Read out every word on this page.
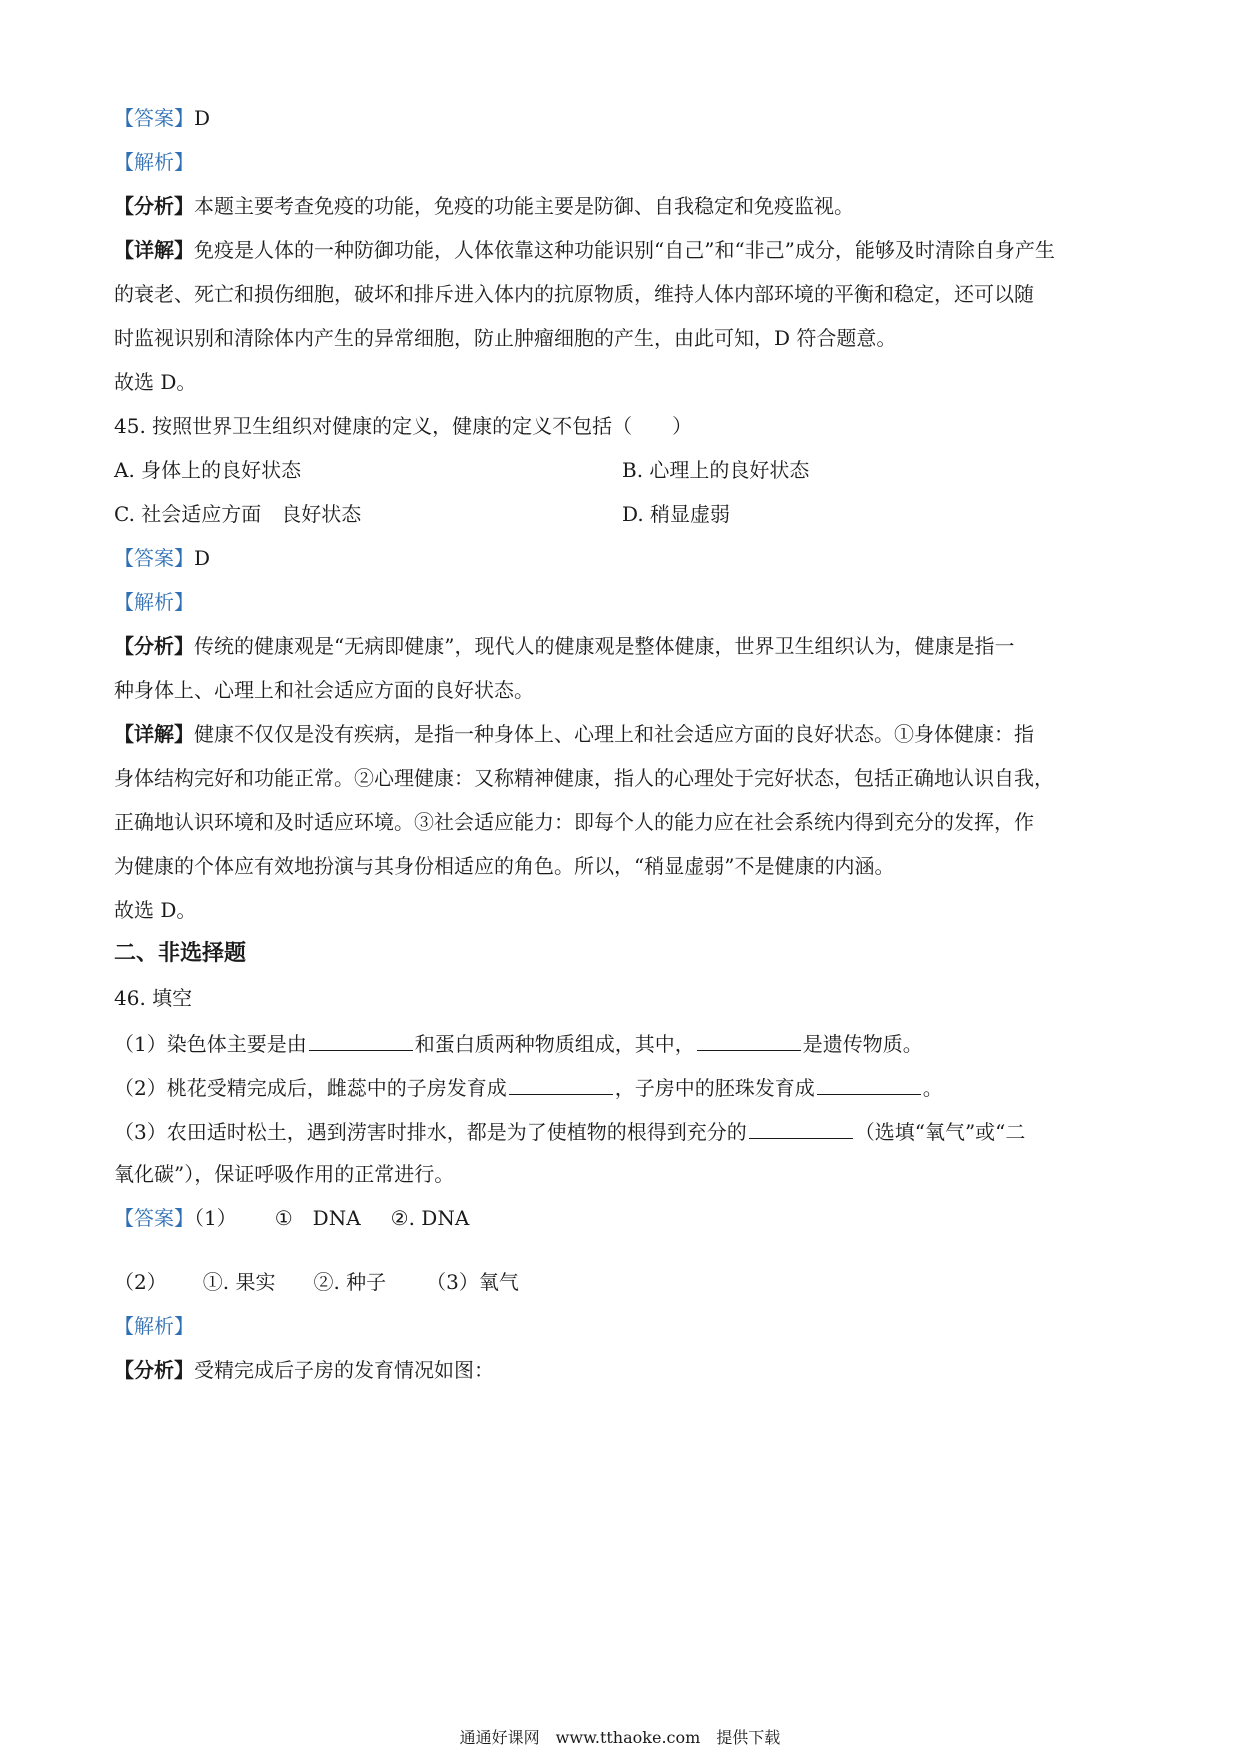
【答案】D
【解析】
【分析】本题主要考查免疫的功能，免疫的功能主要是防御、自我稳定和免疫监视。
【详解】免疫是人体的一种防御功能，人体依靠这种功能识别“自己”和“非己”成分，能够及时清除自身产生
的衰老、死亡和损伤细胞，破坏和排斥进入体内的抗原物质，维持人体内部环境的平衡和稳定，还可以随
时监视识别和清除体内产生的异常细胞，防止肿瘤细胞的产生，由此可知，D 符合题意。
故选 D。
45. 按照世界卫生组织对健康的定义，健康的定义不包括（　　）
A. 身体上的良好状态	B. 心理上的良好状态
C. 社会适应方面　良好状态	D. 稍显虚弱
【答案】D
【解析】
【分析】传统的健康观是“无病即健康”，现代人的健康观是整体健康，世界卫生组织认为，健康是指一
种身体上、心理上和社会适应方面的良好状态。
【详解】健康不仅仅是没有疾病，是指一种身体上、心理上和社会适应方面的良好状态。①身体健康：指
身体结构完好和功能正常。②心理健康：又称精神健康，指人的心理处于完好状态，包括正确地认识自我，
正确地认识环境和及时适应环境。③社会适应能力：即每个人的能力应在社会系统内得到充分的发挥，作
为健康的个体应有效地扮演与其身份相适应的角色。所以，“稍显虚弱”不是健康的内涵。
故选 D。
二、非选择题
46. 填空
（1）染色体主要是由	和蛋白质两种物质组成，其中，	是遗传物质。
（2）桃花受精完成后，雌蕊中的子房发育成	，子房中的胚珠发育成	。
（3）农田适时松土，遇到涝害时排水，都是为了使植物的根得到充分的	（选填“氧气”或“二
氧化碳”），保证呼吸作用的正常进行。
【答案】（1） ①　DNA ②. DNA
（2） ①. 果实 ②. 种子 （3）氧气
【解析】
【分析】受精完成后子房的发育情况如图：
通通好课网　www.tthaoke.com　提供下载
